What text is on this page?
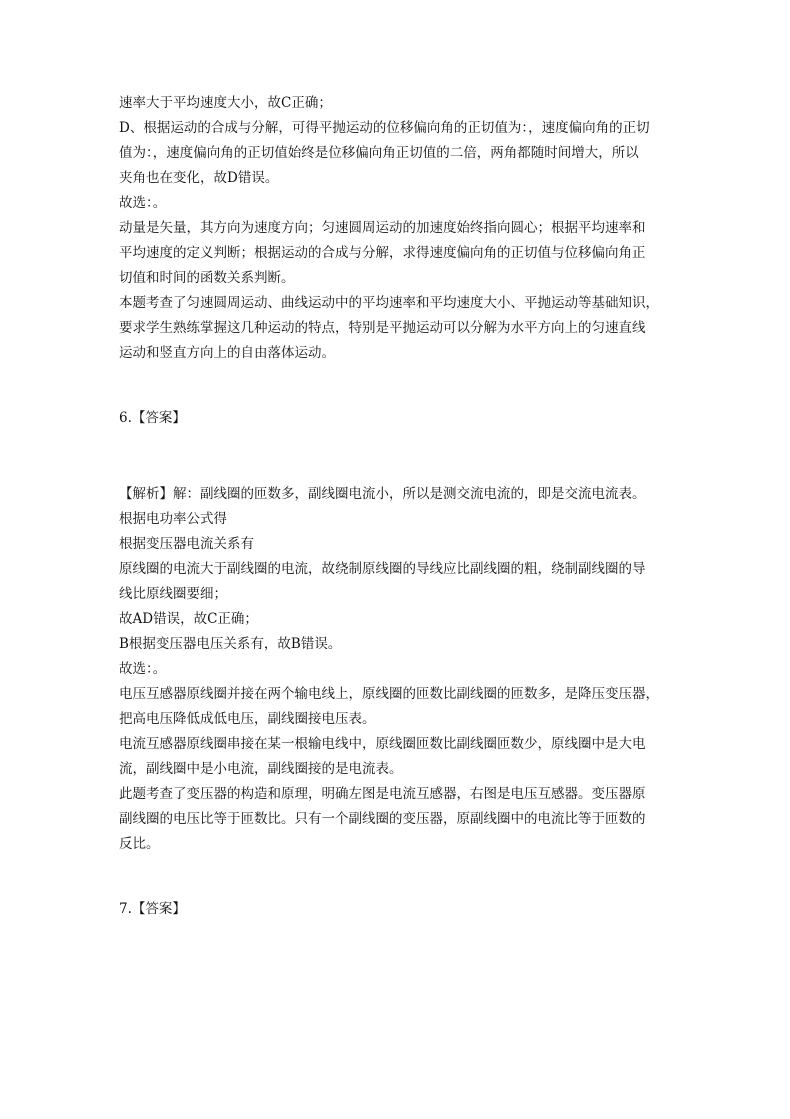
速率大于平均速度大小，故C正确；
D、根据运动的合成与分解，可得平抛运动的位移偏向角的正切值为：，速度偏向角的正切
值为：，速度偏向角的正切值始终是位移偏向角正切值的二倍，两角都随时间增大，所以
夹角也在变化，故D错误。
故选：。
动量是矢量，其方向为速度方向；匀速圆周运动的加速度始终指向圆心；根据平均速率和
平均速度的定义判断；根据运动的合成与分解，求得速度偏向角的正切值与位移偏向角正
切值和时间的函数关系判断。
本题考查了匀速圆周运动、曲线运动中的平均速率和平均速度大小、平抛运动等基础知识，
要求学生熟练掌握这几种运动的特点，特别是平抛运动可以分解为水平方向上的匀速直线
运动和竖直方向上的自由落体运动。
6.【答案】
【解析】解：副线圈的匝数多，副线圈电流小，所以是测交流电流的，即是交流电流表。
根据电功率公式得
根据变压器电流关系有
原线圈的电流大于副线圈的电流，故绕制原线圈的导线应比副线圈的粗，绕制副线圈的导
线比原线圈要细；
故AD错误，故C正确；
B根据变压器电压关系有，故B错误。
故选：。
电压互感器原线圈并接在两个输电线上，原线圈的匝数比副线圈的匝数多，是降压变压器，
把高电压降低成低电压，副线圈接电压表。
电流互感器原线圈串接在某一根输电线中，原线圈匝数比副线圈匝数少，原线圈中是大电
流，副线圈中是小电流，副线圈接的是电流表。
此题考查了变压器的构造和原理，明确左图是电流互感器，右图是电压互感器。变压器原
副线圈的电压比等于匝数比。只有一个副线圈的变压器，原副线圈中的电流比等于匝数的
反比。
7.【答案】
